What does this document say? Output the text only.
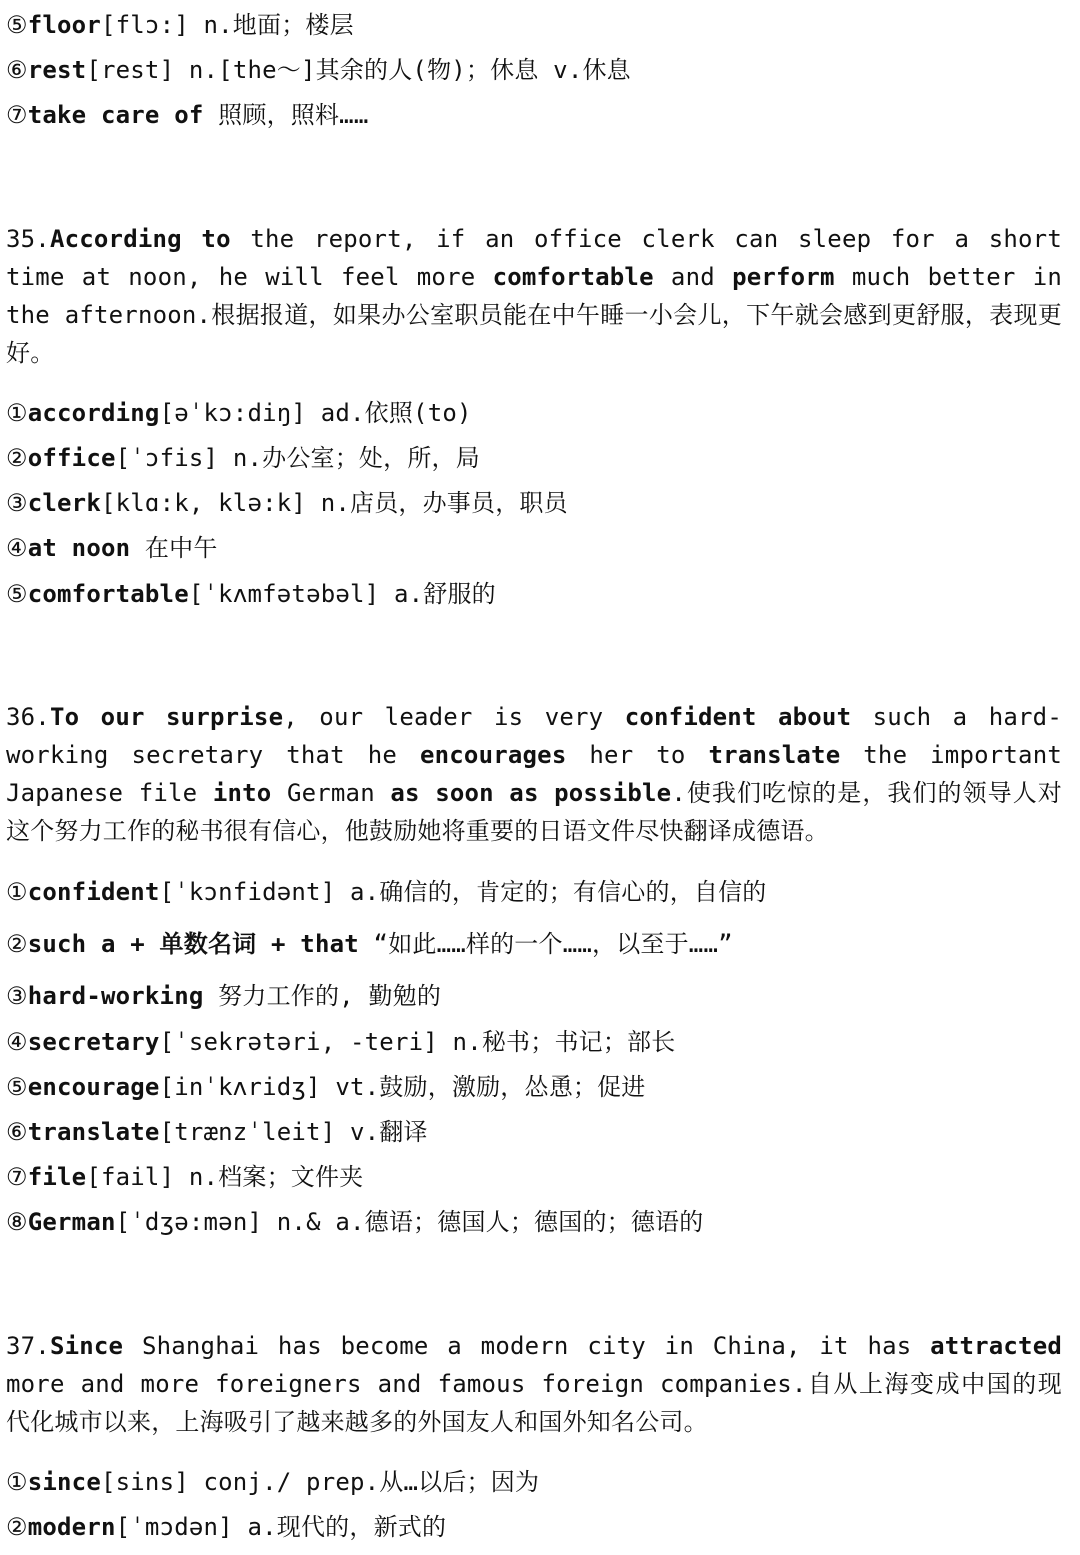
⑤floor[flɔ:] n.地面；楼层
⑥rest[rest] n.[the～]其余的人(物)；休息 v.休息
⑦take care of 照顾，照料……
35.According to the report, if an office clerk can sleep for a short time at noon, he will feel more comfortable and perform much better in the afternoon.根据报道，如果办公室职员能在中午睡一小会儿，下午就会感到更舒服，表现更好。
①according[əˈkɔ:diŋ] ad.依照(to)
②office[ˈɔfis] n.办公室；处，所，局
③clerk[klɑ:k, klə:k] n.店员，办事员，职员
④at noon 在中午
⑤comfortable[ˈkʌmfətəbəl] a.舒服的
36.To our surprise, our leader is very confident about such a hard-working secretary that he encourages her to translate the important Japanese file into German as soon as possible.使我们吃惊的是，我们的领导人对这个努力工作的秘书很有信心，他鼓励她将重要的日语文件尽快翻译成德语。
①confident[ˈkɔnfidənt] a.确信的，肯定的；有信心的，自信的
②such a + 单数名词 + that “如此……样的一个……，以至于……”
③hard-working 努力工作的, 勤勉的
④secretary[ˈsekrətəri, -teri] n.秘书；书记；部长
⑤encourage[inˈkʌridʒ] vt.鼓励，激励，怂恿；促进
⑥translate[trænzˈleit] v.翻译
⑦file[fail] n.档案；文件夹
⑧German[ˈdʒə:mən] n.& a.德语；德国人；德国的；德语的
37.Since Shanghai has become a modern city in China, it has attracted more and more foreigners and famous foreign companies.自从上海变成中国的现代化城市以来，上海吸引了越来越多的外国友人和国外知名公司。
①since[sins] conj./ prep.从…以后；因为
②modern[ˈmɔdən] a.现代的，新式的
